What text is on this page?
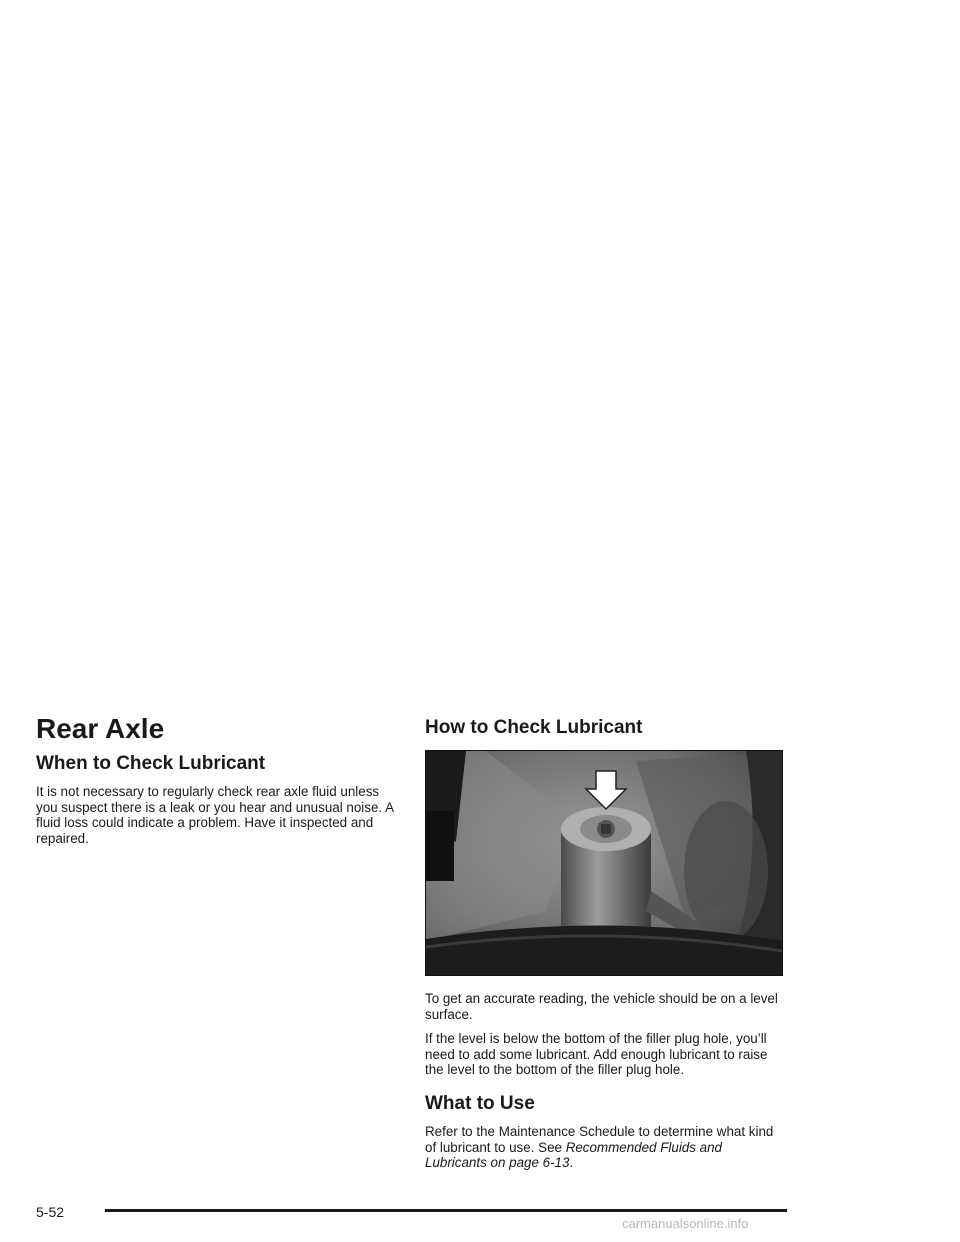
Rear Axle
When to Check Lubricant

It is not necessary to regularly check rear axle fluid unless you suspect there is a leak or you hear and unusual noise. A fluid loss could indicate a problem. Have it inspected and repaired.

How to Check Lubricant

To get an accurate reading, the vehicle should be on a level surface.

If the level is below the bottom of the filler plug hole, you’ll need to add some lubricant. Add enough lubricant to raise the level to the bottom of the filler plug hole.

What to Use

Refer to the Maintenance Schedule to determine what kind of lubricant to use. See Recommended Fluids and Lubricants on page 6-13.

5-52
carmanualsonline.info
